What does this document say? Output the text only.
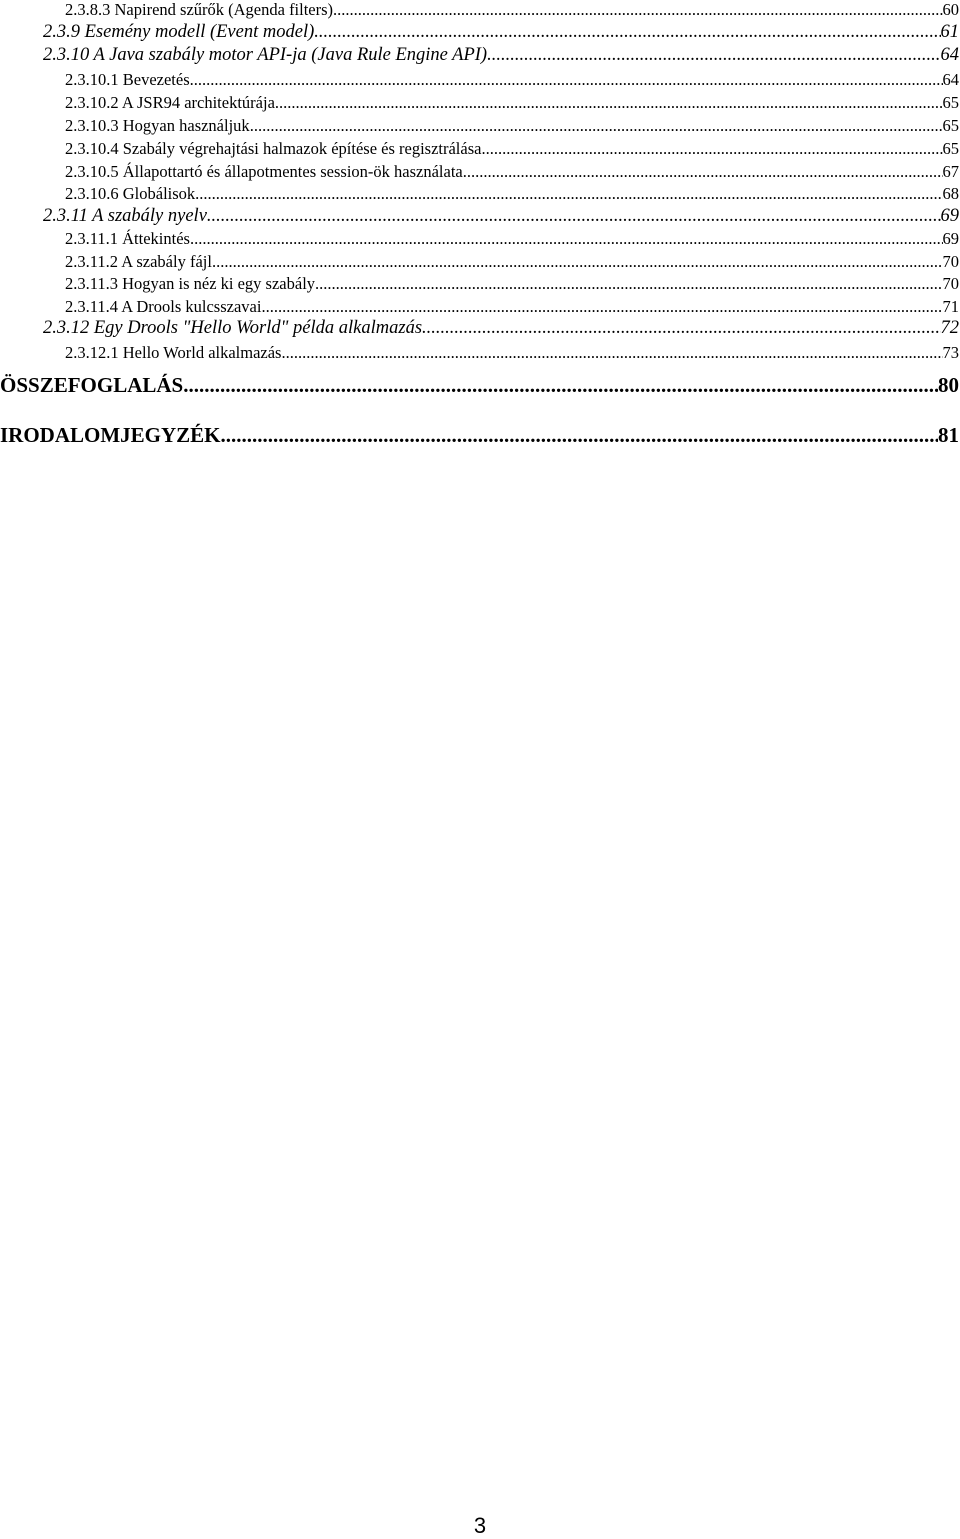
2.3.8.3 Napirend szűrők (Agenda filters) .....	60
2.3.9 Esemény modell (Event model) .....	61
2.3.10 A Java szabály motor API-ja (Java Rule Engine API) .....	64
2.3.10.1 Bevezetés .....	64
2.3.10.2 A JSR94 architektúrája .....	65
2.3.10.3 Hogyan használjuk .....	65
2.3.10.4 Szabály végrehajtási halmazok építése és regisztrálása .....	65
2.3.10.5 Állapottartó és állapotmentes session-ök használata .....	67
2.3.10.6 Globálisok .....	68
2.3.11 A szabály nyelv .....	69
2.3.11.1 Áttekintés .....	69
2.3.11.2 A szabály fájl .....	70
2.3.11.3 Hogyan is néz ki egy szabály .....	70
2.3.11.4 A Drools kulcsszavai .....	71
2.3.12 Egy Drools "Hello World" példa alkalmazás .....	72
2.3.12.1 Hello World alkalmazás .....	73
ÖSSZEFOGLALÁS .....	80
IRODALOMJEGYZÉK .....	81
3
